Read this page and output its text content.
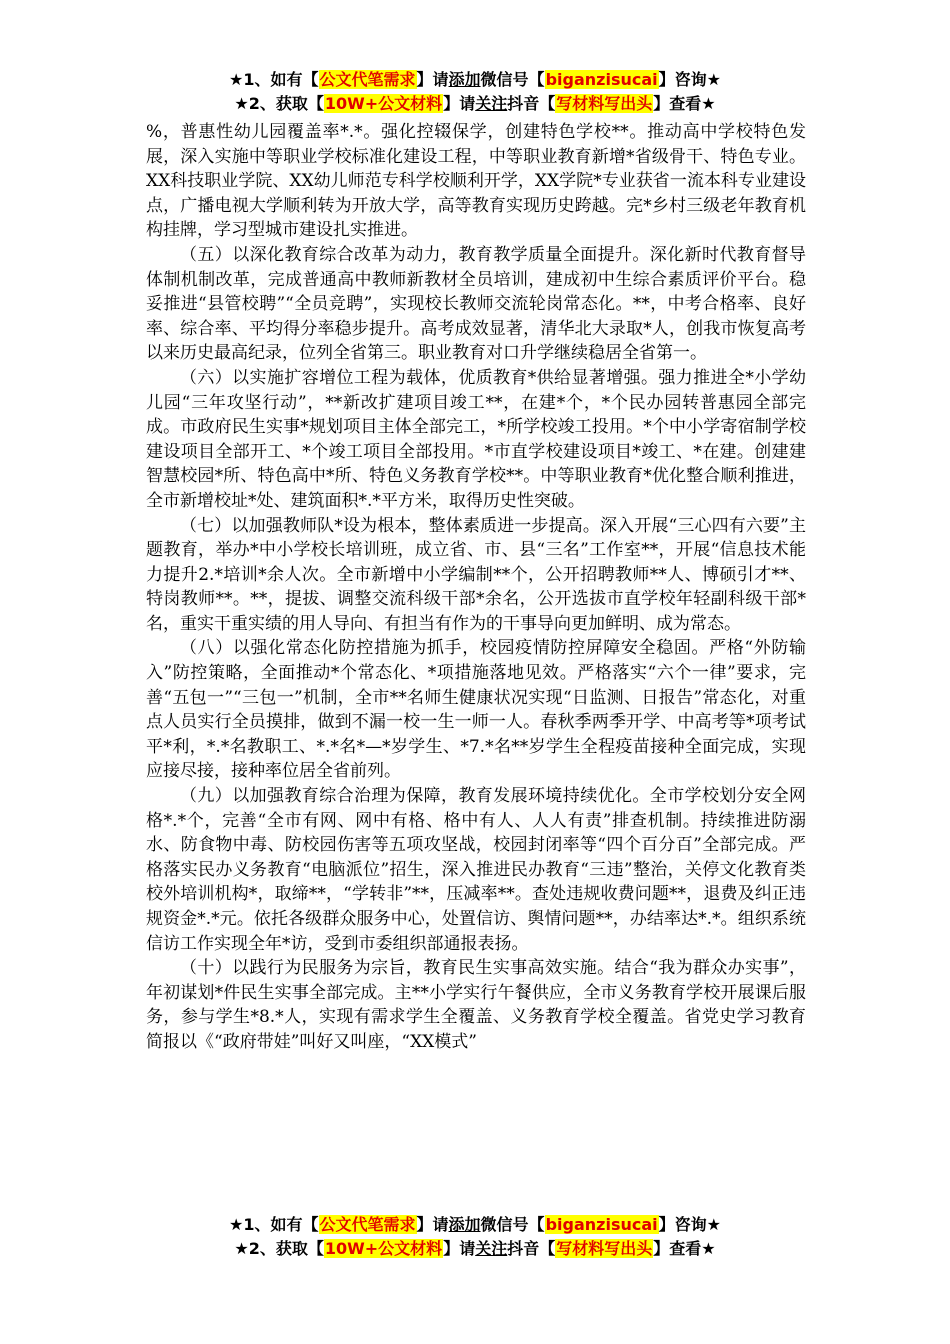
★1、如有【公文代笔需求】请添加微信号【biganzisucai】咨询★
★2、获取【10W+公文材料】请关注抖音【写材料写出头】查看★

%，普惠性幼儿园覆盖率*.*。强化控辍保学，创建特色学校**。推动高中学校特色发展，深入实施中等职业学校标准化建设工程，中等职业教育新增*省级骨干、特色专业。XX科技职业学院、XX幼儿师范专科学校顺利开学，XX学院*专业获省一流本科专业建设点，广播电视大学顺利转为开放大学，高等教育实现历史跨越。完*乡村三级老年教育机构挂牌，学习型城市建设扎实推进。

（五）以深化教育综合改革为动力，教育教学质量全面提升。深化新时代教育督导体制机制改革，完成普通高中教师新教材全员培训，建成初中生综合素质评价平台。稳妥推进“县管校聘”“全员竞聘”，实现校长教师交流轮岗常态化。**，中考合格率、良好率、综合率、平均得分率稳步提升。高考成效显著，清华北大录取*人，创我市恢复高考以来历史最高纪录，位列全省第三。职业教育对口升学继续稳居全省第一。

（六）以实施扩容增位工程为载体，优质教育*供给显著增强。强力推进全*小学幼儿园“三年攻坚行动”，**新改扩建项目竣工**，在建*个，*个民办园转普惠园全部完成。市政府民生实事*规划项目主体全部完工，*所学校竣工投用。*个中小学寄宿制学校建设项目全部开工、*个竣工项目全部投用。*市直学校建设项目*竣工、*在建。创建建智慧校园*所、特色高中*所、特色义务教育学校**。中等职业教育*优化整合顺利推进，全市新增校址*处、建筑面积*.*平方米，取得历史性突破。

（七）以加强教师队*设为根本，整体素质进一步提高。深入开展“三心四有六要”主题教育，举办*中小学校长培训班，成立省、市、县“三名”工作室**，开展“信息技术能力提升2.*培训*余人次。全市新增中小学编制**个，公开招聘教师**人、博硕引才**、特岗教师**。**，提拔、调整交流科级干部*余名，公开选拔市直学校年轻副科级干部*名，重实干重实绩的用人导向、有担当有作为的干事导向更加鲜明、成为常态。

（八）以强化常态化防控措施为抓手，校园疫情防控屏障安全稳固。严格“外防输入”防控策略，全面推动*个常态化、*项措施落地见效。严格落实“六个一律”要求，完善“五包一”“三包一”机制，全市**名师生健康状况实现“日监测、日报告”常态化，对重点人员实行全员摸排，做到不漏一校一生一师一人。春秋季两季开学、中高考等*项考试平*利，*.*名教职工、*.*名*—*岁学生、*7.*名**岁学生全程疫苗接种全面完成，实现应接尽接，接种率位居全省前列。

（九）以加强教育综合治理为保障，教育发展环境持续优化。全市学校划分安全网格*.*个，完善“全市有网、网中有格、格中有人、人人有责”排查机制。持续推进防溺水、防食物中毒、防校园伤害等五项攻坚战，校园封闭率等“四个百分百”全部完成。严格落实民办义务教育“电脑派位”招生，深入推进民办教育“三违”整治，关停文化教育类校外培训机构*，取缔**，“学转非”**，压减率**。查处违规收费问题**，退费及纠正违规资金*.*元。依托各级群众服务中心，处置信访、舆情问题**，办结率达*.*。组织系统信访工作实现全年*访，受到市委组织部通报表扬。

（十）以践行为民服务为宗旨，教育民生实事高效实施。结合“我为群众办实事”，年初谋划*件民生实事全部完成。主**小学实行午餐供应，全市义务教育学校开展课后服务，参与学生*8.*人，实现有需求学生全覆盖、义务教育学校全覆盖。省党史学习教育简报以《“政府带娃”叫好又叫座，“XX模式”

★1、如有【公文代笔需求】请添加微信号【biganzisucai】咨询★
★2、获取【10W+公文材料】请关注抖音【写材料写出头】查看★
